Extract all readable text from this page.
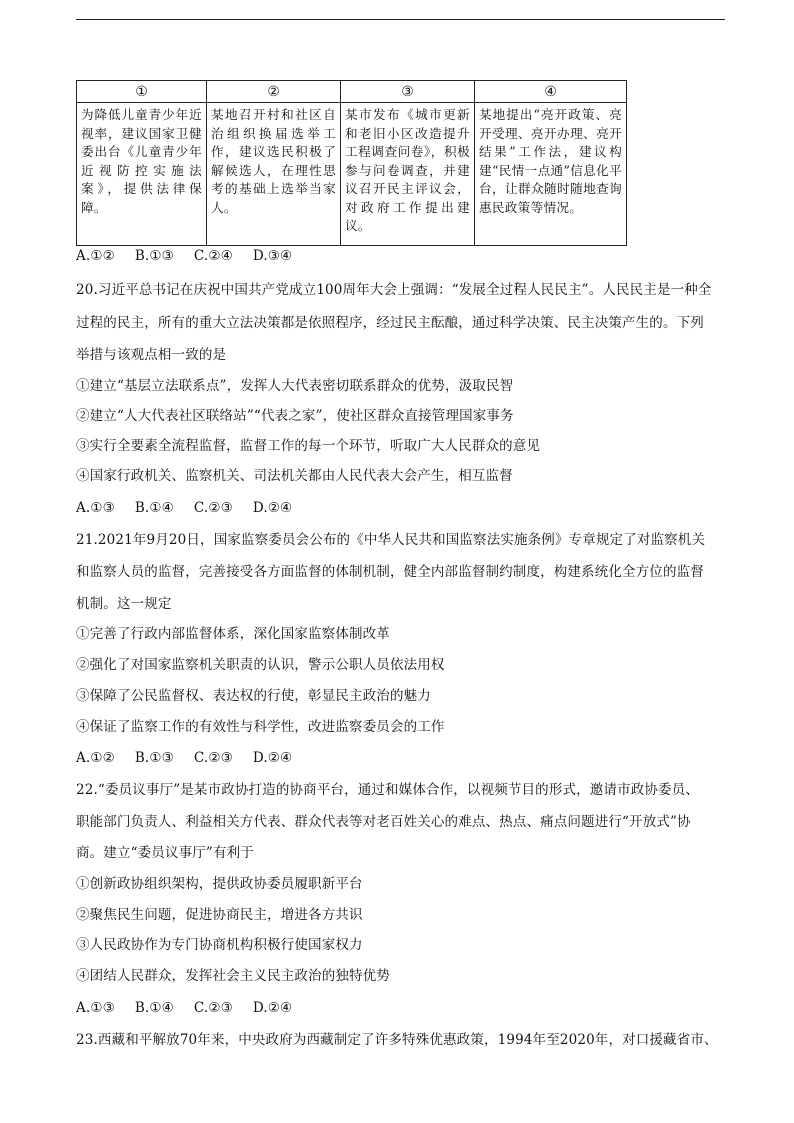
①	②	③	④
为降低儿童青少年近视率，建议国家卫健委出台《儿童青少年近视防控实施法案》，提供法律保障。	某地召开村和社区自治组织换届选举工作，建议选民积极了解候选人，在理性思考的基础上选举当家人。	某市发布《城市更新和老旧小区改造提升工程调查问卷》，积极参与问卷调查，并建议召开民主评议会，对政府工作提出建议。	某地提出“亮开政策、亮开受理、亮开办理、亮开结果”工作法，建议构建“民情一点通”信息化平台，让群众随时随地查询惠民政策等情况。
A.①② B.①③ C.②④ D.③④
20.习近平总书记在庆祝中国共产党成立100周年大会上强调：“发展全过程人民民主”。人民民主是一种全
过程的民主，所有的重大立法决策都是依照程序，经过民主酝酿，通过科学决策、民主决策产生的。下列
举措与该观点相一致的是
①建立“基层立法联系点”，发挥人大代表密切联系群众的优势，汲取民智
②建立“人大代表社区联络站”“代表之家”，使社区群众直接管理国家事务
③实行全要素全流程监督，监督工作的每一个环节，听取广大人民群众的意见
④国家行政机关、监察机关、司法机关都由人民代表大会产生，相互监督
A.①③ B.①④ C.②③ D.②④
21.2021年9月20日，国家监察委员会公布的《中华人民共和国监察法实施条例》专章规定了对监察机关
和监察人员的监督，完善接受各方面监督的体制机制，健全内部监督制约制度，构建系统化全方位的监督
机制。这一规定
①完善了行政内部监督体系，深化国家监察体制改革
②强化了对国家监察机关职责的认识，警示公职人员依法用权
③保障了公民监督权、表达权的行使，彰显民主政治的魅力
④保证了监察工作的有效性与科学性，改进监察委员会的工作
A.①② B.①③ C.②③ D.②④
22.“委员议事厅”是某市政协打造的协商平台，通过和媒体合作，以视频节目的形式，邀请市政协委员、
职能部门负责人、利益相关方代表、群众代表等对老百姓关心的难点、热点、痛点问题进行“开放式”协
商。建立“委员议事厅”有利于
①创新政协组织架构，提供政协委员履职新平台
②聚焦民生问题，促进协商民主，增进各方共识
③人民政协作为专门协商机构积极行使国家权力
④团结人民群众，发挥社会主义民主政治的独特优势
A.①③ B.①④ C.②③ D.②④
23.西藏和平解放70年来，中央政府为西藏制定了许多特殊优惠政策，1994年至2020年，对口援藏省市、
